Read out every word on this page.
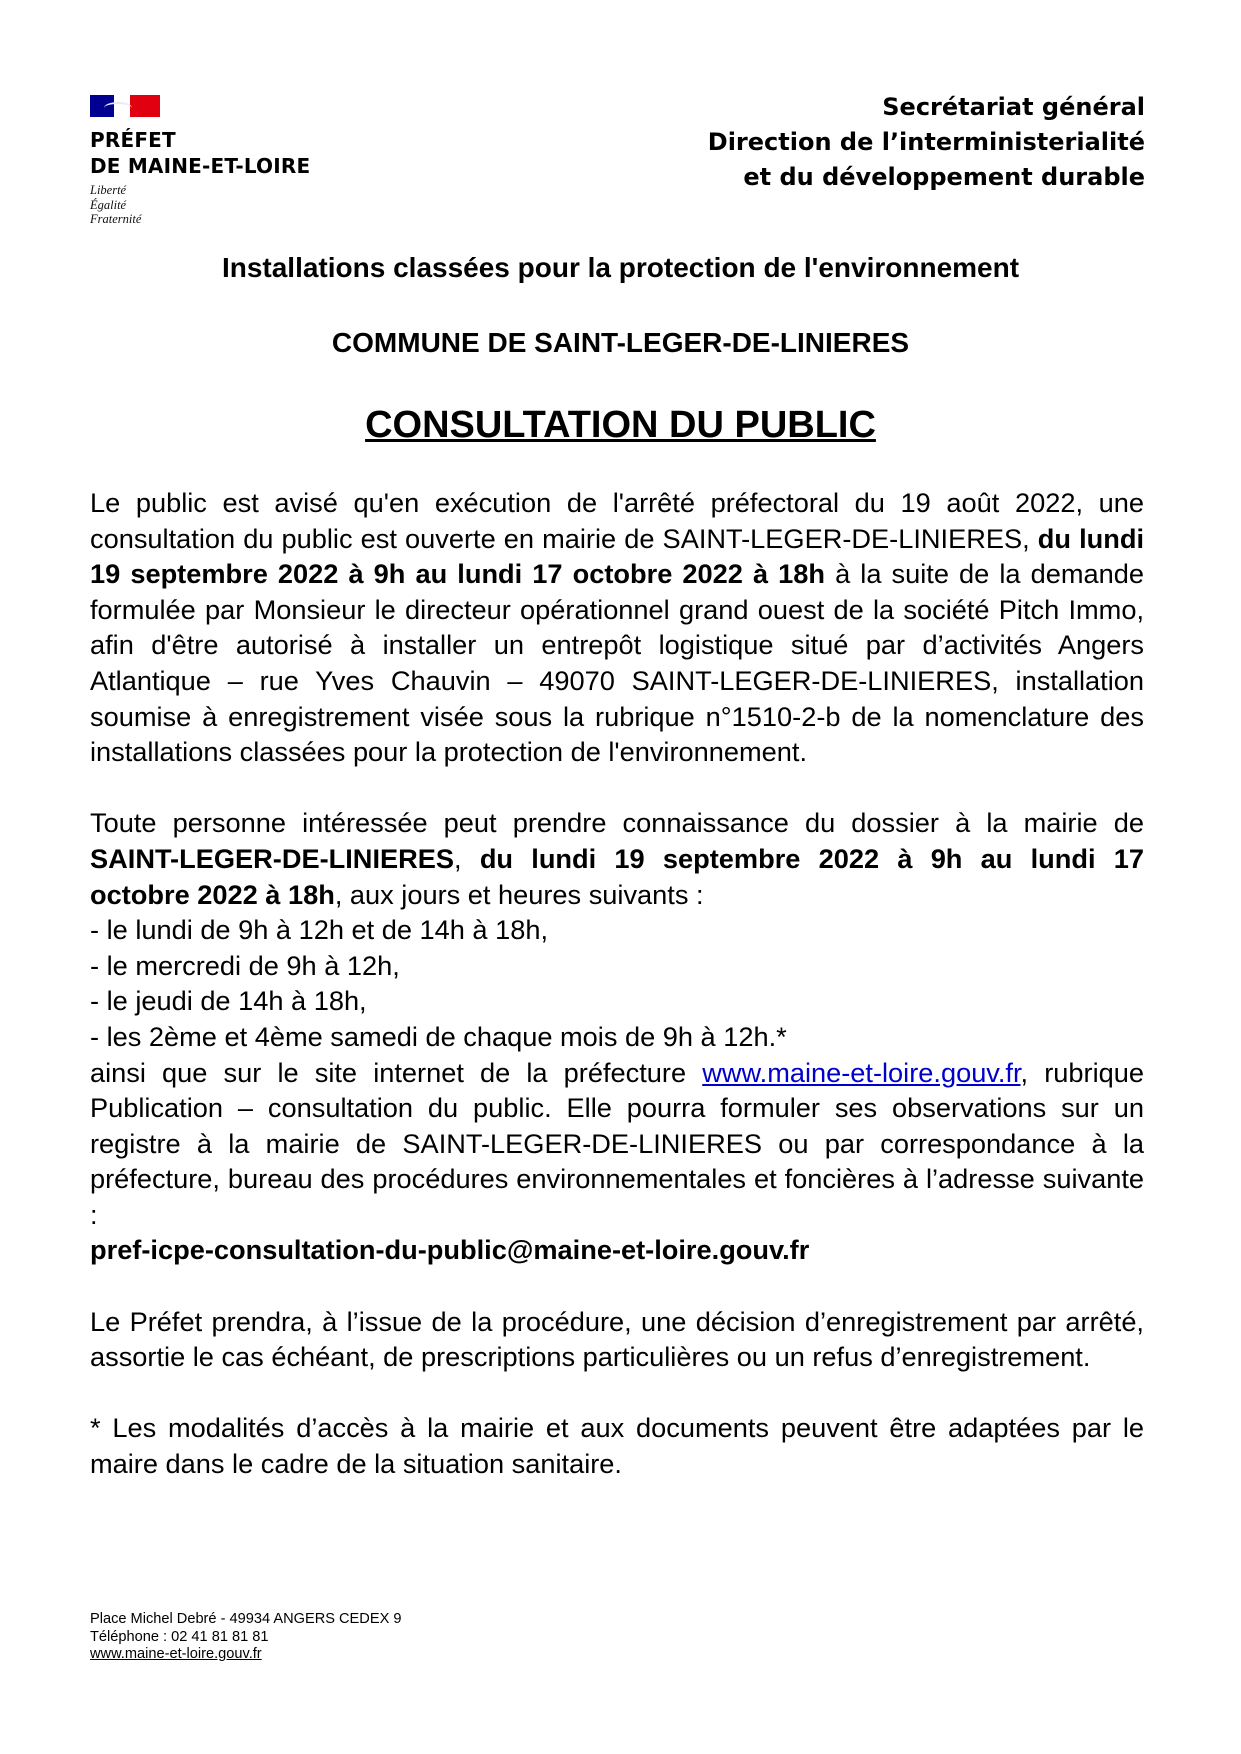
PRÉFET
DE MAINE-ET-LOIRE
Liberté
Égalité
Fraternité
Secrétariat général
Direction de l’interministerialité
et du développement durable
Installations classées pour la protection de l'environnement
COMMUNE DE SAINT-LEGER-DE-LINIERES
CONSULTATION DU PUBLIC

Le public est avisé qu'en exécution de l'arrêté préfectoral du 19 août 2022, une consultation du public est ouverte en mairie de SAINT-LEGER-DE-LINIERES, du lundi 19 septembre 2022 à 9h au lundi 17 octobre 2022 à 18h à la suite de la demande formulée par Monsieur le directeur opérationnel grand ouest de la société Pitch Immo, afin d'être autorisé à installer un entrepôt logistique situé par d’activités Angers Atlantique – rue Yves Chauvin – 49070 SAINT-LEGER-DE-LINIERES, installation soumise à enregistrement visée sous la rubrique n°1510-2-b de la nomenclature des installations classées pour la protection de l'environnement.

Toute personne intéressée peut prendre connaissance du dossier à la mairie de SAINT-LEGER-DE-LINIERES, du lundi 19 septembre 2022 à 9h au lundi 17 octobre 2022 à 18h, aux jours et heures suivants :

- le lundi de 9h à 12h et de 14h à 18h,

- le mercredi de 9h à 12h,

- le jeudi de 14h à 18h,

- les 2ème et 4ème samedi de chaque mois de 9h à 12h.*

ainsi que sur le site internet de la préfecture www.maine-et-loire.gouv.fr, rubrique Publication – consultation du public. Elle pourra formuler ses observations sur un registre à la mairie de SAINT-LEGER-DE-LINIERES ou par correspondance à la préfecture, bureau des procédures environnementales et foncières à l’adresse suivante :

pref-icpe-consultation-du-public@maine-et-loire.gouv.fr

Le Préfet prendra, à l’issue de la procédure, une décision d’enregistrement par arrêté, assortie le cas échéant, de prescriptions particulières ou un refus d’enregistrement.

* Les modalités d’accès à la mairie et aux documents peuvent être adaptées par le maire dans le cadre de la situation sanitaire.

Place Michel Debré - 49934 ANGERS CEDEX 9
Téléphone : 02 41 81 81 81
www.maine-et-loire.gouv.fr
